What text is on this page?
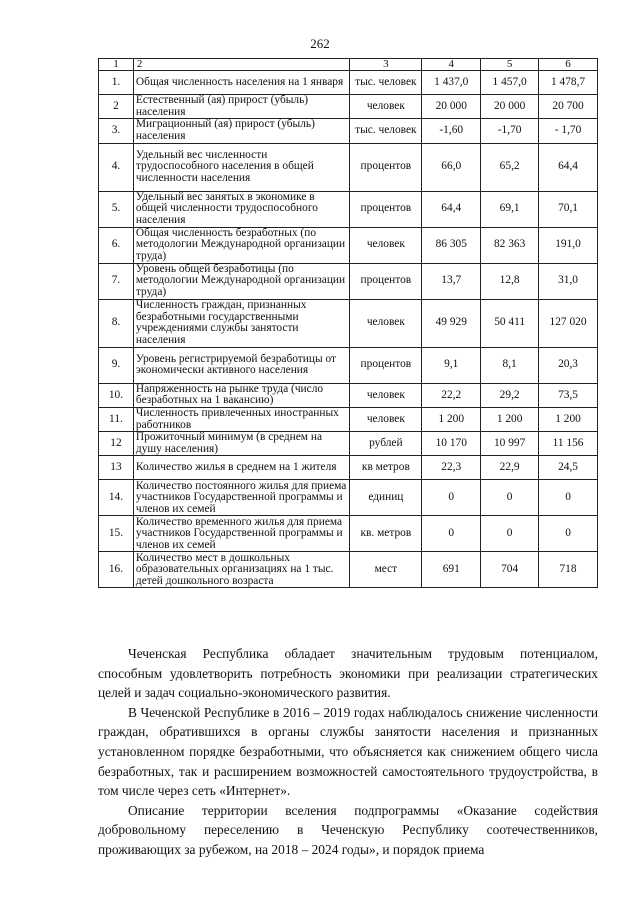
262
1	2	3	4	5	6
1.	Общая численность населения на 1 января	тыс. человек	1 437,0	1 457,0	1 478,7
2	Естественный (ая) прирост (убыль) населения	человек	20 000	20 000	20 700
3.	Миграционный (ая) прирост (убыль) населения	тыс. человек	-1,60	-1,70	- 1,70
4.	Удельный вес численности трудоспособного населения в общей численности населения	процентов	66,0	65,2	64,4
5.	Удельный вес занятых в экономике в общей численности трудоспособного населения	процентов	64,4	69,1	70,1
6.	Общая численность безработных (по методологии Международной организации труда)	человек	86 305	82 363	191,0
7.	Уровень общей безработицы (по методологии Международной организации труда)	процентов	13,7	12,8	31,0
8.	Численность граждан, признанных безработными государственными учреждениями службы занятости населения	человек	49 929	50 411	127 020
9.	Уровень регистрируемой безработицы от экономически активного населения	процентов	9,1	8,1	20,3
10.	Напряженность на рынке труда (число безработных на 1 вакансию)	человек	22,2	29,2	73,5
11.	Численность привлеченных иностранных работников	человек	1 200	1 200	1 200
12	Прожиточный минимум (в среднем на душу населения)	рублей	10 170	10 997	11 156
13	Количество жилья в среднем на 1 жителя	кв метров	22,3	22,9	24,5
14.	Количество постоянного жилья для приема участников Государственной программы и членов их семей	единиц	0	0	0
15.	Количество временного жилья для приема участников Государственной программы и членов их семей	кв. метров	0	0	0
16.	Количество мест в дошкольных образовательных организациях на 1 тыс. детей дошкольного возраста	мест	691	704	718

Чеченская Республика обладает значительным трудовым потенциалом, способным удовлетворить потребность экономики при реализации стратегических целей и задач социально-экономического развития.

В Чеченской Республике в 2016 – 2019 годах наблюдалось снижение численности граждан, обратившихся в органы службы занятости населения и признанных установленном порядке безработными, что объясняется как снижением общего числа безработных, так и расширением возможностей самостоятельного трудоустройства, в том числе через сеть «Интернет».

Описание территории вселения подпрограммы «Оказание содействия добровольному переселению в Чеченскую Республику соотечественников, проживающих за рубежом, на 2018 – 2024 годы», и порядок приема
